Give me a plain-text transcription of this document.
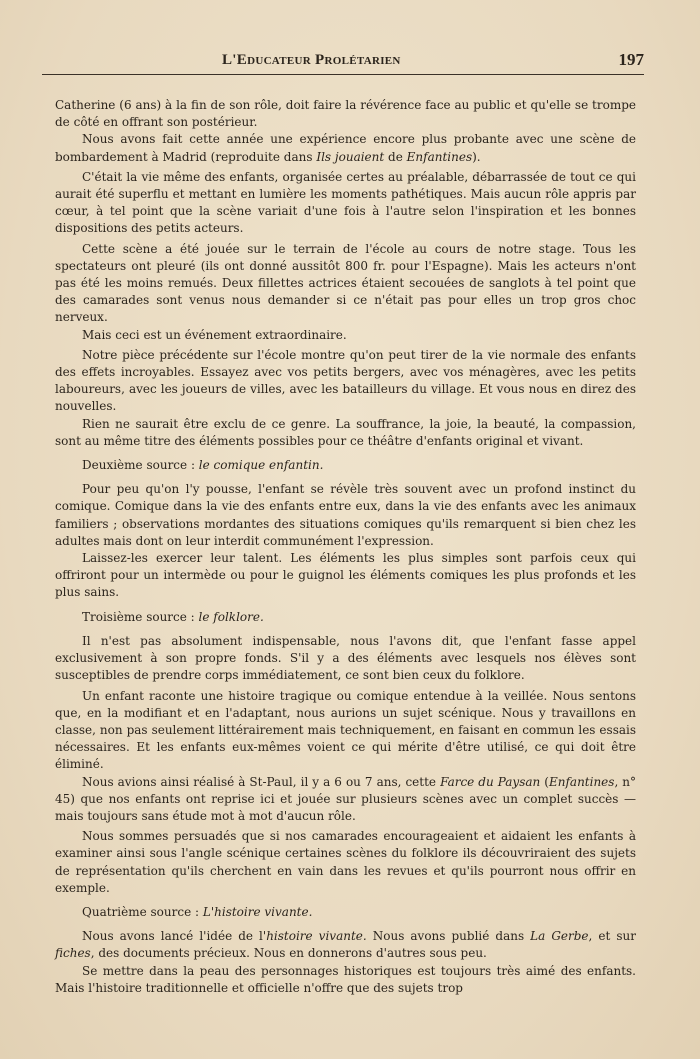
L'Educateur Prolétarien	197

Catherine (6 ans) à la fin de son rôle, doit faire la révérence face au public et qu'elle se trompe de côté en offrant son postérieur.

Nous avons fait cette année une expérience encore plus probante avec une scène de bombardement à Madrid (reproduite dans Ils jouaient de Enfantines).

C'était la vie même des enfants, organisée certes au préalable, débarrassée de tout ce qui aurait été superflu et mettant en lumière les moments pathétiques. Mais aucun rôle appris par cœur, à tel point que la scène variait d'une fois à l'autre selon l'inspiration et les bonnes dispositions des petits acteurs.

Cette scène a été jouée sur le terrain de l'école au cours de notre stage. Tous les spectateurs ont pleuré (ils ont donné aussitôt 800 fr. pour l'Espagne). Mais les acteurs n'ont pas été les moins remués. Deux fillettes actrices étaient secouées de sanglots à tel point que des camarades sont venus nous demander si ce n'était pas pour elles un trop gros choc nerveux.

Mais ceci est un événement extraordinaire.

Notre pièce précédente sur l'école montre qu'on peut tirer de la vie normale des enfants des effets incroyables. Essayez avec vos petits bergers, avec vos ménagères, avec les petits laboureurs, avec les joueurs de villes, avec les batailleurs du village. Et vous nous en direz des nouvelles.

Rien ne saurait être exclu de ce genre. La souffrance, la joie, la beauté, la compassion, sont au même titre des éléments possibles pour ce théâtre d'enfants original et vivant.

Deuxième source : le comique enfantin.

Pour peu qu'on l'y pousse, l'enfant se révèle très souvent avec un profond instinct du comique. Comique dans la vie des enfants entre eux, dans la vie des enfants avec les animaux familiers ; observations mordantes des situations comiques qu'ils remarquent si bien chez les adultes mais dont on leur interdit communément l'expression.

Laissez-les exercer leur talent. Les éléments les plus simples sont parfois ceux qui offriront pour un intermède ou pour le guignol les éléments comiques les plus profonds et les plus sains.

Troisième source : le folklore.

Il n'est pas absolument indispensable, nous l'avons dit, que l'enfant fasse appel exclusivement à son propre fonds. S'il y a des éléments avec lesquels nos élèves sont susceptibles de prendre corps immédiatement, ce sont bien ceux du folklore.

Un enfant raconte une histoire tragique ou comique entendue à la veillée. Nous sentons que, en la modifiant et en l'adaptant, nous aurions un sujet scénique. Nous y travaillons en classe, non pas seulement littérairement mais techniquement, en faisant en commun les essais nécessaires. Et les enfants eux-mêmes voient ce qui mérite d'être utilisé, ce qui doit être éliminé.

Nous avions ainsi réalisé à St-Paul, il y a 6 ou 7 ans, cette Farce du Paysan (Enfantines, n° 45) que nos enfants ont reprise ici et jouée sur plusieurs scènes avec un complet succès — mais toujours sans étude mot à mot d'aucun rôle.

Nous sommes persuadés que si nos camarades encourageaient et aidaient les enfants à examiner ainsi sous l'angle scénique certaines scènes du folklore ils découvriraient des sujets de représentation qu'ils cherchent en vain dans les revues et qu'ils pourront nous offrir en exemple.

Quatrième source : L'histoire vivante.

Nous avons lancé l'idée de l'histoire vivante. Nous avons publié dans La Gerbe, et sur fiches, des documents précieux. Nous en donnerons d'autres sous peu.

Se mettre dans la peau des personnages historiques est toujours très aimé des enfants. Mais l'histoire traditionnelle et officielle n'offre que des sujets trop
